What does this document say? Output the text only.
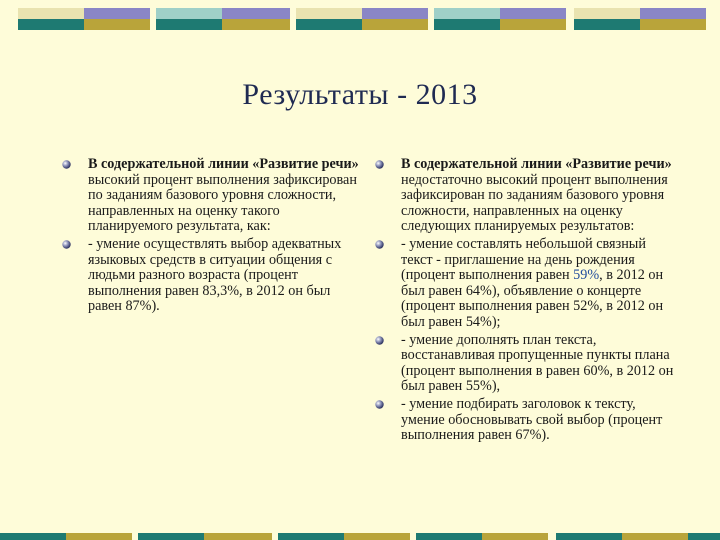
Результаты - 2013
В содержательной линии «Развитие речи» высокий процент выполнения зафиксирован по заданиям базового уровня сложности, направленных на оценку такого планируемого результата, как:
- умение осуществлять выбор адекватных языковых средств в ситуации общения с людьми разного возраста (процент выполнения равен 83,3%, в 2012 он был равен 87%).
В содержательной линии «Развитие речи» недостаточно высокий процент выполнения зафиксирован по заданиям базового уровня сложности, направленных на оценку следующих планируемых результатов:
- умение составлять небольшой связный текст - приглашение на день рождения (процент выполнения равен 59%, в 2012 он был равен 64%), объявление о концерте (процент выполнения равен 52%, в 2012 он был равен 54%);
- умение дополнять план текста, восстанавливая пропущенные пункты плана (процент выполнения в равен 60%, в 2012 он был равен 55%),
- умение подбирать заголовок к тексту, умение обосновывать свой выбор (процент выполнения равен 67%).
